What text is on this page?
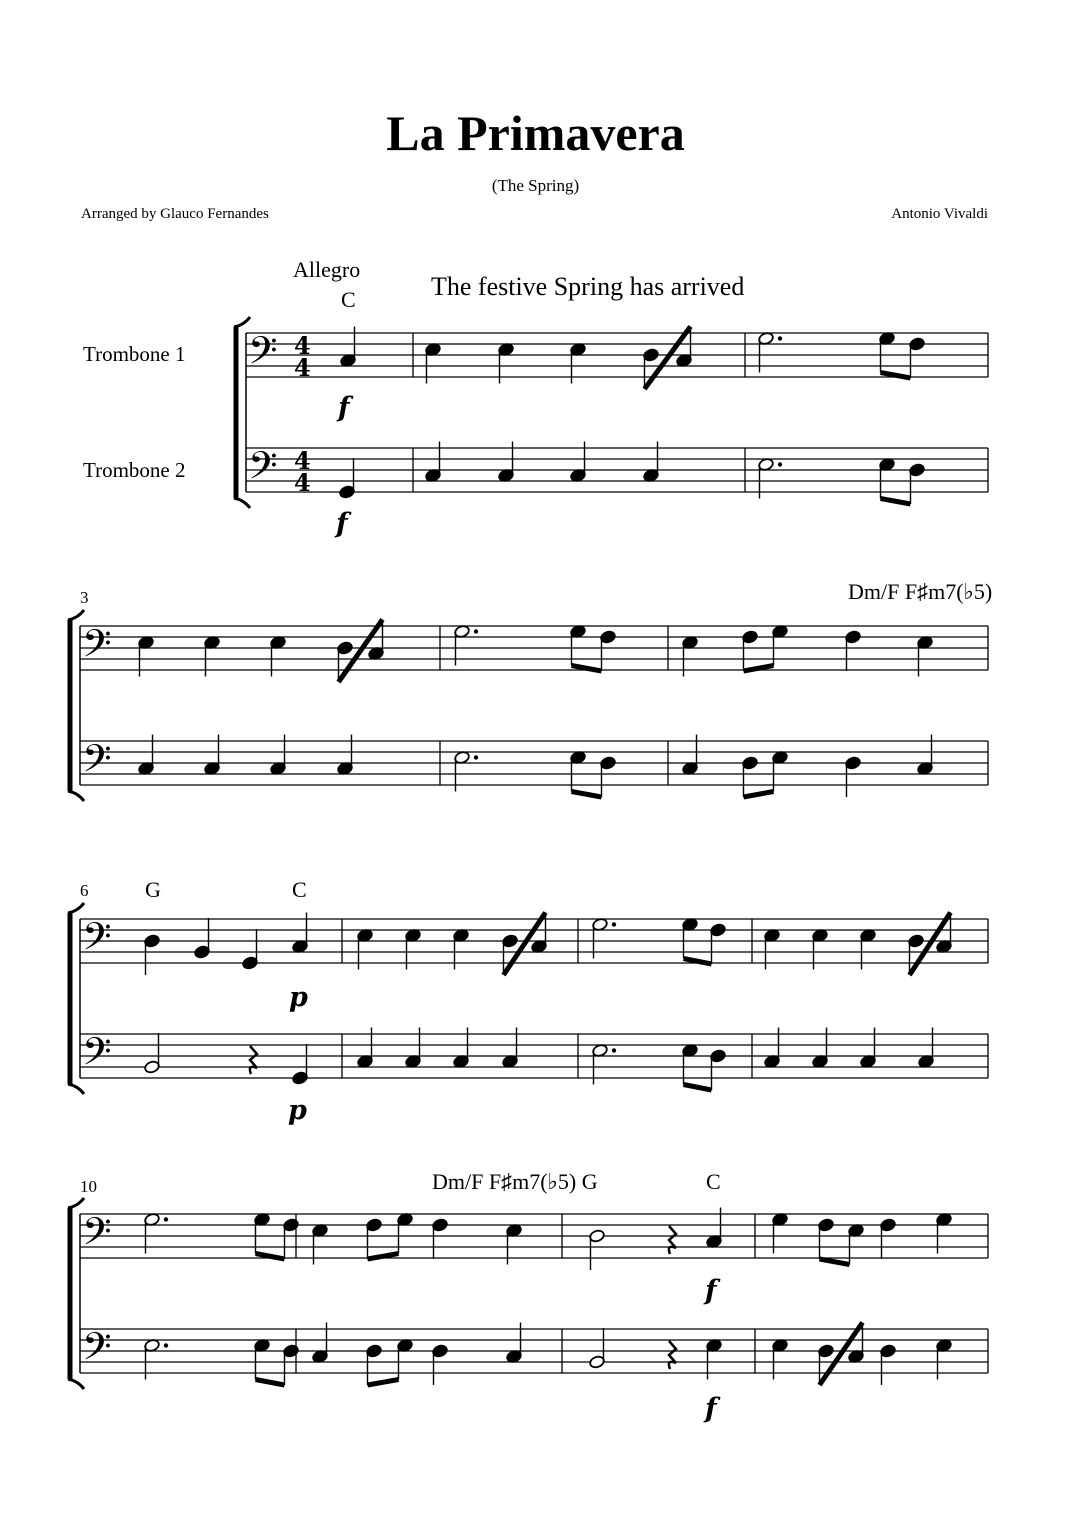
La Primavera
(The Spring)
Arranged by Glauco Fernandes	Antonio Vivaldi
Allegro
The festive Spring has arrived
Trombone 1
Trombone 2
𝄢 4
4
𝄢 4
4
𝄢
𝄢
𝄢
𝄢
𝄢
𝄢
3
6
10
C
Dm/F F♯m7(♭5)
G	C
Dm/F F♯m7(♭5) G	C
f
f
p
p
f
f
